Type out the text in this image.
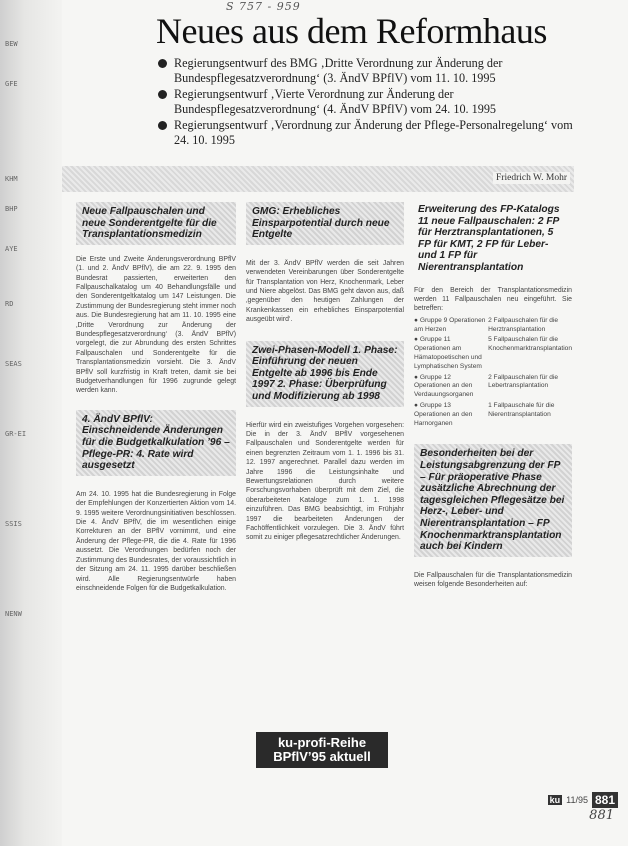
BEW
GFE
KHM
BHP
AYE
RD
SEAS
GR-EI
SSIS
NENW
S 757 - 959
Neues aus dem Reformhaus
Regierungsentwurf des BMG ‚Dritte Verordnung zur Änderung der Bundespflegesatzverordnung‘ (3. ÄndV BPflV) vom 11. 10. 1995
Regierungsentwurf ‚Vierte Verordnung zur Änderung der Bundespflegesatzverordnung‘ (4. ÄndV BPflV) vom 24. 10. 1995
Regierungsentwurf ‚Verordnung zur Änderung der Pflege-Personalregelung‘ vom 24. 10. 1995
Friedrich W. Mohr

Neue Fallpauschalen und neue Sonderentgelte für die Transplantationsmedizin

Die Erste und Zweite Änderungsverordnung BPflV (1. und 2. ÄndV BPflV), die am 22. 9. 1995 den Bundesrat passierten, erweiterten den Fallpauschalkatalog um 40 Behandlungsfälle und den Sonderentgeltkatalog um 147 Leistungen. Die Zustimmung der Bundesregierung steht immer noch aus. Die Bundesregierung hat am 11. 10. 1995 eine ‚Dritte Verordnung zur Änderung der Bundespflegesatzverordnung‘ (3. ÄndV BPflV) vorgelegt, die zur Abrundung des ersten Schrittes Fallpauschalen und Sonderentgelte für die Transplantationsmedizin vorsieht. Die 3. ÄndV BPflV soll kurzfristig in Kraft treten, damit sie bei Budgetverhandlungen für 1996 zugrunde gelegt werden kann.

4. ÄndV BPflV: Einschneidende Änderungen für die Budgetkalkulation ’96 – Pflege-PR: 4. Rate wird ausgesetzt

Am 24. 10. 1995 hat die Bundesregierung in Folge der Empfehlungen der Konzertierten Aktion vom 14. 9. 1995 weitere Verordnungsinitiativen beschlossen. Die 4. ÄndV BPflV, die im wesentlichen einige Korrekturen an der BPflV vornimmt, und eine Änderung der Pflege-PR, die die 4. Rate für 1996 aussetzt. Die Verordnungen bedürfen noch der Zustimmung des Bundesrates, der voraussichtlich in der Sitzung am 24. 11. 1995 darüber beschließen wird. Alle Regierungsentwürfe haben einschneidende Folgen für die Budgetkalkulation.

GMG: Erhebliches Einsparpotential durch neue Entgelte

Mit der 3. ÄndV BPflV werden die seit Jahren verwendeten Vereinbarungen über Sonderentgelte für Transplantation von Herz, Knochenmark, Leber und Niere abgelöst. Das BMG geht davon aus, daß ‚gegenüber den heutigen Zahlungen der Krankenkassen ein erhebliches Einsparpotential ausgeübt wird‘.

Zwei-Phasen-Modell 1. Phase: Einführung der neuen Entgelte ab 1996 bis Ende 1997 2. Phase: Überprüfung und Modifizierung ab 1998

Hierfür wird ein zweistufiges Vorgehen vorgesehen: Die in der 3. ÄndV BPflV vorgesehenen Fallpauschalen und Sonderentgelte werden für einen begrenzten Zeitraum vom 1. 1. 1996 bis 31. 12. 1997 angerechnet. Parallel dazu werden im Jahre 1996 die Leistungsinhalte und Bewertungsrelationen durch weitere Forschungsvorhaben überprüft mit dem Ziel, die überarbeiteten Kataloge zum 1. 1. 1998 einzuführen. Das BMG beabsichtigt, im Frühjahr 1997 die bearbeiteten Änderungen der Fachöffentlichkeit vorzulegen. Die 3. ÄndV führt somit zu einiger pflegesatzrechtlicher Änderungen.

Erweiterung des FP-Katalogs 11 neue Fallpauschalen: 2 FP für Herztransplantationen, 5 FP für KMT, 2 FP für Leber- und 1 FP für Nierentransplantation

Für den Bereich der Transplantationsmedizin werden 11 Fallpauschalen neu eingeführt. Sie betreffen:

● Gruppe 9 Operationen am Herzen	2 Fallpauschalen für die Herztransplantation
● Gruppe 11 Operationen am Hämatopoetischen und Lymphatischen System	5 Fallpauschalen für die Knochenmarktransplantation
● Gruppe 12 Operationen an den Verdauungsorganen	2 Fallpauschalen für die Lebertransplantation
● Gruppe 13 Operationen an den Harnorganen	1 Fallpauschale für die Nierentransplantation

Besonderheiten bei der Leistungsabgrenzung der FP – Für präoperative Phase zusätzliche Abrechnung der tagesgleichen Pflegesätze bei Herz-, Leber- und Nierentransplantation – FP Knochenmarktransplantation auch bei Kindern

Die Fallpauschalen für die Transplantationsmedizin weisen folgende Besonderheiten auf:

ku-profi-Reihe
BPflV’95 aktuell
ku 11/95 881
881
